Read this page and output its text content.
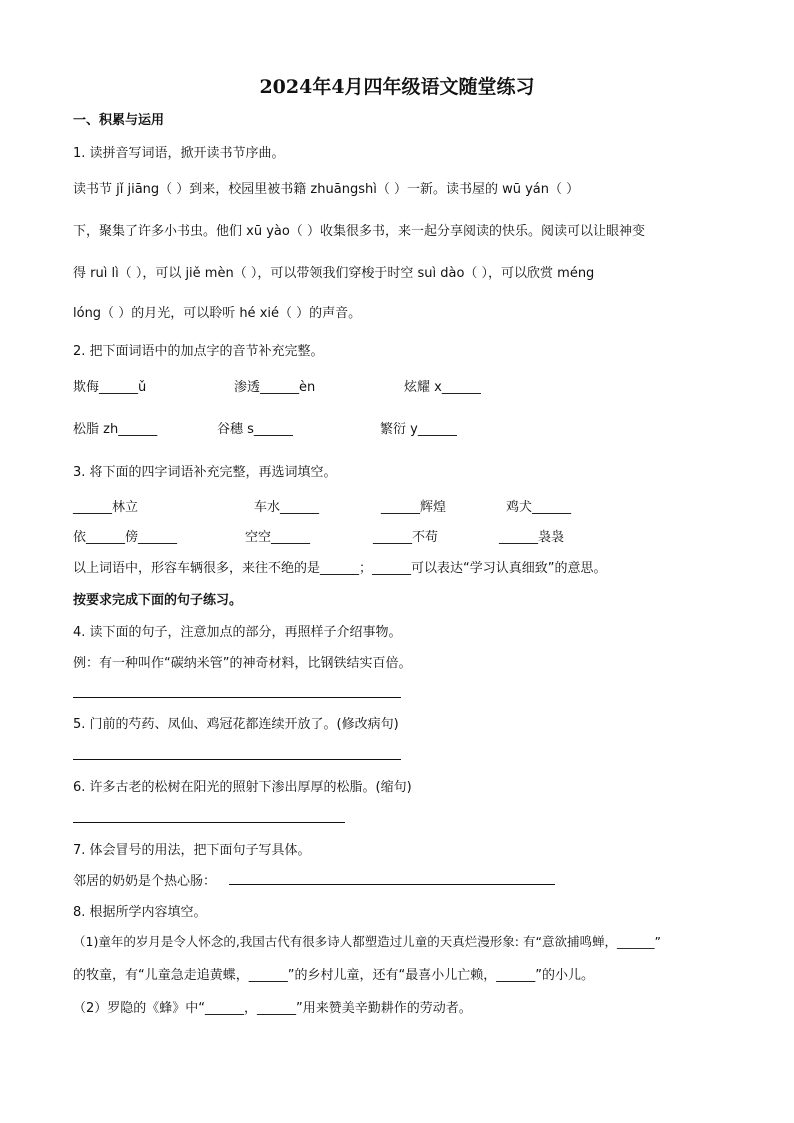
2024年4月四年级语文随堂练习
一、积累与运用
1. 读拼音写词语，掀开读书节序曲。
读书节 jǐ jiāng（ ）到来，校园里被书籍 zhuāngshì（ ）一新。读书屋的 wū yán（ ）
下，聚集了许多小书虫。他们 xū yào（ ）收集很多书，来一起分享阅读的快乐。阅读可以让眼神变
得 ruì lì（ ），可以 jiě mèn（ ），可以带领我们穿梭于时空 suì dào（ ），可以欣赏 méng
lóng（ ）的月光，可以聆听 hé xié（ ）的声音。
2. 把下面词语中的加点字的音节补充完整。
欺侮______ǔ	渗透______èn	炫耀 x______
松脂 zh______	谷穗 s______	繁衍 y______
3. 将下面的四字词语补充完整，再选词填空。
______林立	车水______	______辉煌	鸡犬______
依______傍______	空空______	______不苟	______袅袅
以上词语中，形容车辆很多，来往不绝的是______；______可以表达“学习认真细致”的意思。
按要求完成下面的句子练习。
4. 读下面的句子，注意加点的部分，再照样子介绍事物。
例：有一种叫作“碳纳米管”的神奇材料，比钢铁结实百倍。
5. 门前的芍药、凤仙、鸡冠花都连续开放了。(修改病句)
6. 许多古老的松树在阳光的照射下渗出厚厚的松脂。(缩句)
7. 体会冒号的用法，把下面句子写具体。
邻居的奶奶是个热心肠：
8. 根据所学内容填空。
（1)童年的岁月是令人怀念的,我国古代有很多诗人都塑造过儿童的天真烂漫形象: 有“意欲捕鸣蝉，______”
的牧童，有“儿童急走追黄蝶，______”的乡村儿童，还有“最喜小儿亡赖，______”的小儿。
（2）罗隐的《蜂》中“______，______”用来赞美辛勤耕作的劳动者。
